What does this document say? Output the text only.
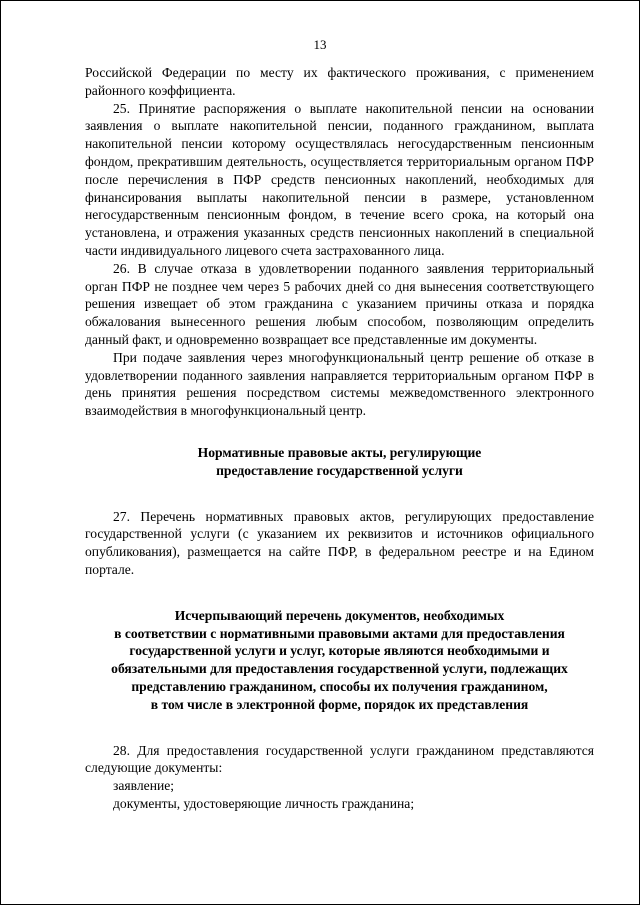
13

Российской Федерации по месту их фактического проживания, с применением районного коэффициента.

25. Принятие распоряжения о выплате накопительной пенсии на основании заявления о выплате накопительной пенсии, поданного гражданином, выплата накопительной пенсии которому осуществлялась негосударственным пенсионным фондом, прекратившим деятельность, осуществляется территориальным органом ПФР после перечисления в ПФР средств пенсионных накоплений, необходимых для финансирования выплаты накопительной пенсии в размере, установленном негосударственным пенсионным фондом, в течение всего срока, на который она установлена, и отражения указанных средств пенсионных накоплений в специальной части индивидуального лицевого счета застрахованного лица.

26. В случае отказа в удовлетворении поданного заявления территориальный орган ПФР не позднее чем через 5 рабочих дней со дня вынесения соответствующего решения извещает об этом гражданина с указанием причины отказа и порядка обжалования вынесенного решения любым способом, позволяющим определить данный факт, и одновременно возвращает все представленные им документы.

При подаче заявления через многофункциональный центр решение об отказе в удовлетворении поданного заявления направляется территориальным органом ПФР в день принятия решения посредством системы межведомственного электронного взаимодействия в многофункциональный центр.

Нормативные правовые акты, регулирующие
предоставление государственной услуги

27. Перечень нормативных правовых актов, регулирующих предоставление государственной услуги (с указанием их реквизитов и источников официального опубликования), размещается на сайте ПФР, в федеральном реестре и на Едином портале.

Исчерпывающий перечень документов, необходимых
в соответствии с нормативными правовыми актами для предоставления
государственной услуги и услуг, которые являются необходимыми и
обязательными для предоставления государственной услуги, подлежащих
представлению гражданином, способы их получения гражданином,
в том числе в электронной форме, порядок их представления

28. Для предоставления государственной услуги гражданином представляются следующие документы:

заявление;

документы, удостоверяющие личность гражданина;
